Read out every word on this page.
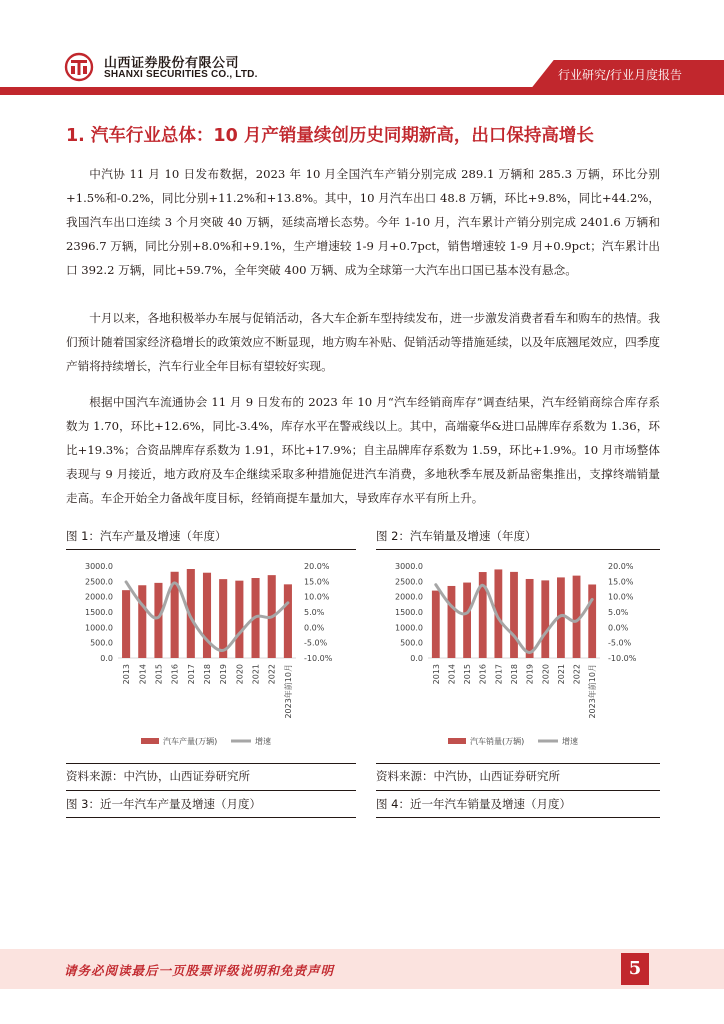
山西证券股份有限公司
SHANXI SECURITIES CO., LTD.	行业研究/行业月度报告
1. 汽车行业总体：10 月产销量续创历史同期新高，出口保持高增长

中汽协 11 月 10 日发布数据，2023 年 10 月全国汽车产销分别完成 289.1 万辆和 285.3 万辆，环比分别+1.5%和-0.2%，同比分别+11.2%和+13.8%。其中，10 月汽车出口 48.8 万辆，环比+9.8%，同比+44.2%，我国汽车出口连续 3 个月突破 40 万辆，延续高增长态势。今年 1-10 月，汽车累计产销分别完成 2401.6 万辆和 2396.7 万辆，同比分别+8.0%和+9.1%，生产增速较 1-9 月+0.7pct，销售增速较 1-9 月+0.9pct；汽车累计出口 392.2 万辆，同比+59.7%，全年突破 400 万辆、成为全球第一大汽车出口国已基本没有悬念。

十月以来，各地积极举办车展与促销活动，各大车企新车型持续发布，进一步激发消费者看车和购车的热情。我们预计随着国家经济稳增长的政策效应不断显现，地方购车补贴、促销活动等措施延续，以及年底翘尾效应，四季度产销将持续增长，汽车行业全年目标有望较好实现。

根据中国汽车流通协会 11 月 9 日发布的 2023 年 10 月“汽车经销商库存”调查结果，汽车经销商综合库存系数为 1.70，环比+12.6%，同比-3.4%，库存水平在警戒线以上。其中，高端豪华&进口品牌库存系数为 1.36，环比+19.3%；合资品牌库存系数为 1.91，环比+17.9%；自主品牌库存系数为 1.59，环比+1.9%。10 月市场整体表现与 9 月接近，地方政府及车企继续采取多种措施促进汽车消费，多地秋季车展及新品密集推出，支撑终端销量走高。车企开始全力备战年度目标，经销商提车量加大，导致库存水平有所上升。

图 1：汽车产量及增速（年度）	图 2：汽车销量及增速（年度）
0.0
500.0
1000.0
1500.0
2000.0
2500.0
3000.0
-10.0%
-5.0%
0.0%
5.0%
10.0%
15.0%
20.0%
2013 2014 2015 2016 2017 2018 2019 2020 2021 2022 2023年前10月
汽车产量(万辆)	增速
0.0
500.0
1000.0
1500.0
2000.0
2500.0
3000.0
-10.0%
-5.0%
0.0%
5.0%
10.0%
15.0%
20.0%
2013 2014 2015 2016 2017 2018 2019 2020 2021 2022 2023年前10月
汽车销量(万辆)	增速
资料来源：中汽协，山西证券研究所	资料来源：中汽协，山西证券研究所
图 3：近一年汽车产量及增速（月度）	图 4：近一年汽车销量及增速（月度）
请务必阅读最后一页股票评级说明和免责声明	5
